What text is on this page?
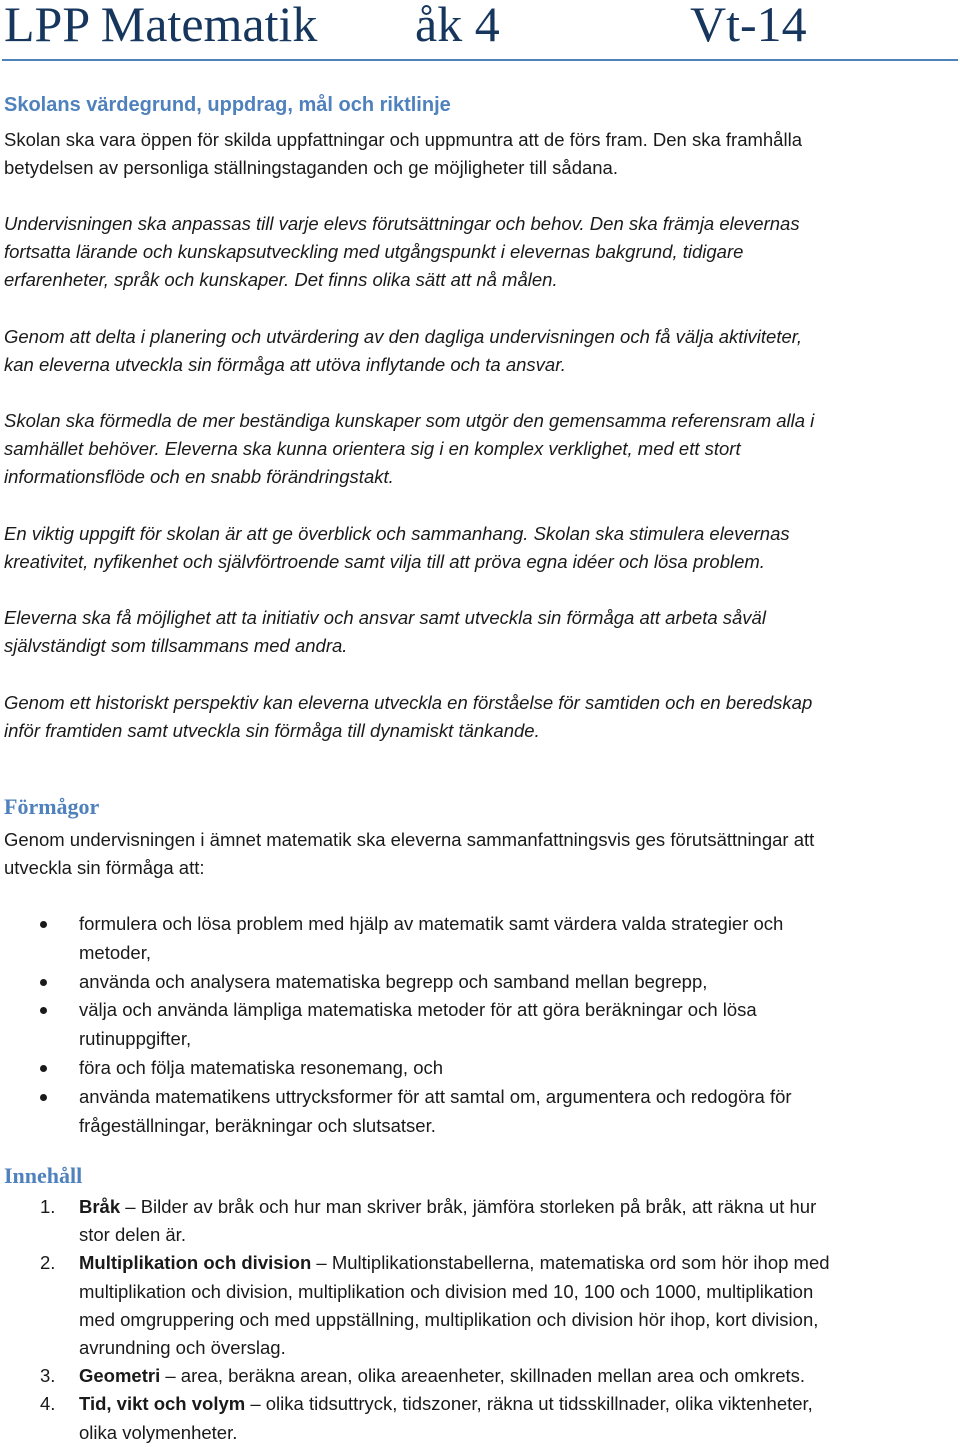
LPP Matematik åk 4	Vt-14
Skolans värdegrund, uppdrag, mål och riktlinje
Skolan ska vara öppen för skilda uppfattningar och uppmuntra att de förs fram. Den ska framhålla
betydelsen av personliga ställningstaganden och ge möjligheter till sådana.
Undervisningen ska anpassas till varje elevs förutsättningar och behov. Den ska främja elevernas
fortsatta lärande och kunskapsutveckling med utgångspunkt i elevernas bakgrund, tidigare
erfarenheter, språk och kunskaper. Det finns olika sätt att nå målen.
Genom att delta i planering och utvärdering av den dagliga undervisningen och få välja aktiviteter,
kan eleverna utveckla sin förmåga att utöva inflytande och ta ansvar.
Skolan ska förmedla de mer beständiga kunskaper som utgör den gemensamma referensram alla i
samhället behöver. Eleverna ska kunna orientera sig i en komplex verklighet, med ett stort
informationsflöde och en snabb förändringstakt.
En viktig uppgift för skolan är att ge överblick och sammanhang. Skolan ska stimulera elevernas
kreativitet, nyfikenhet och självförtroende samt vilja till att pröva egna idéer och lösa problem.
Eleverna ska få möjlighet att ta initiativ och ansvar samt utveckla sin förmåga att arbeta såväl
självständigt som tillsammans med andra.
Genom ett historiskt perspektiv kan eleverna utveckla en förståelse för samtiden och en beredskap
inför framtiden samt utveckla sin förmåga till dynamiskt tänkande.
Förmågor
Genom undervisningen i ämnet matematik ska eleverna sammanfattningsvis ges förutsättningar att
utveckla sin förmåga att:
formulera och lösa problem med hjälp av matematik samt värdera valda strategier och
metoder,
använda och analysera matematiska begrepp och samband mellan begrepp,
välja och använda lämpliga matematiska metoder för att göra beräkningar och lösa
rutinuppgifter,
föra och följa matematiska resonemang, och
använda matematikens uttrycksformer för att samtal om, argumentera och redogöra för
frågeställningar, beräkningar och slutsatser.
Innehåll
1. Bråk – Bilder av bråk och hur man skriver bråk, jämföra storleken på bråk, att räkna ut hur
stor delen är.
2. Multiplikation och division – Multiplikationstabellerna, matematiska ord som hör ihop med
multiplikation och division, multiplikation och division med 10, 100 och 1000, multiplikation
med omgruppering och med uppställning, multiplikation och division hör ihop, kort division,
avrundning och överslag.
3. Geometri – area, beräkna arean, olika areaenheter, skillnaden mellan area och omkrets.
4. Tid, vikt och volym – olika tidsuttryck, tidszoner, räkna ut tidsskillnader, olika viktenheter,
olika volymenheter.
